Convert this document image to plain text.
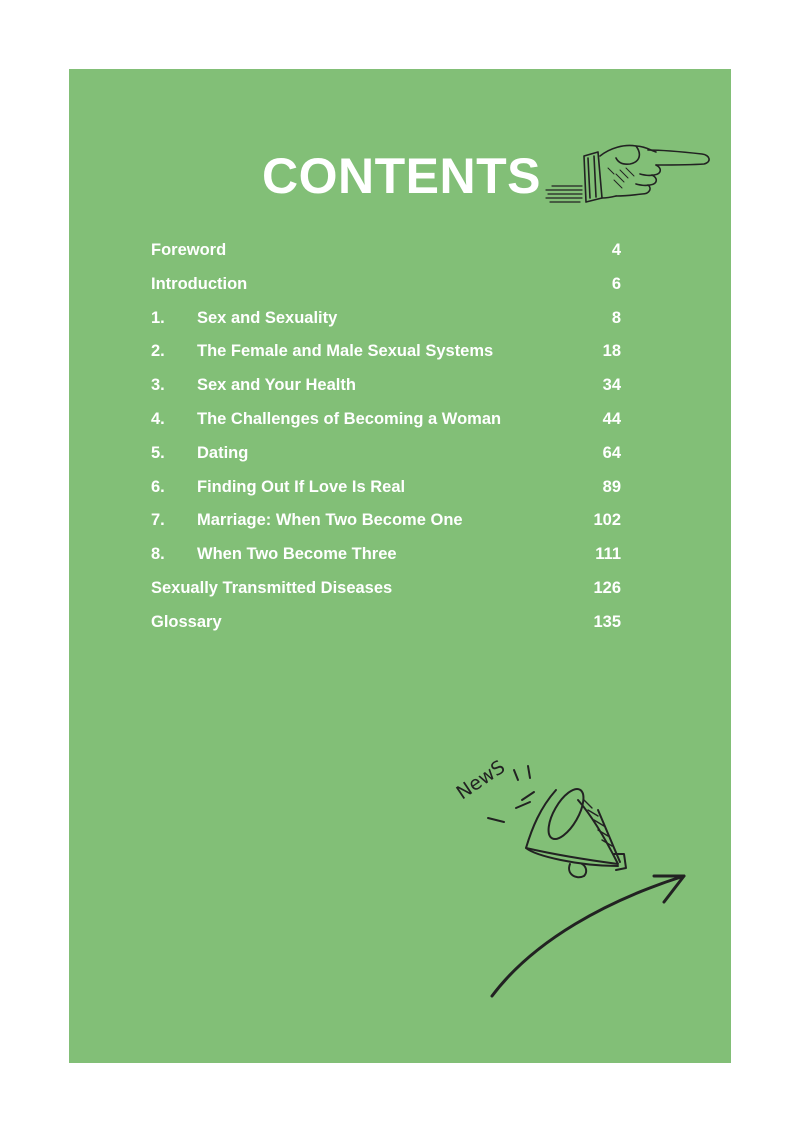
CONTENTS
Foreword	4
Introduction	6
1. Sex and Sexuality	8
2. The Female and Male Sexual Systems	18
3. Sex and Your Health	34
4. The Challenges of Becoming a Woman	44
5. Dating	64
6. Finding Out If Love Is Real	89
7. Marriage: When Two Become One	102
8. When Two Become Three	111
Sexually Transmitted Diseases	126
Glossary	135
NewS
